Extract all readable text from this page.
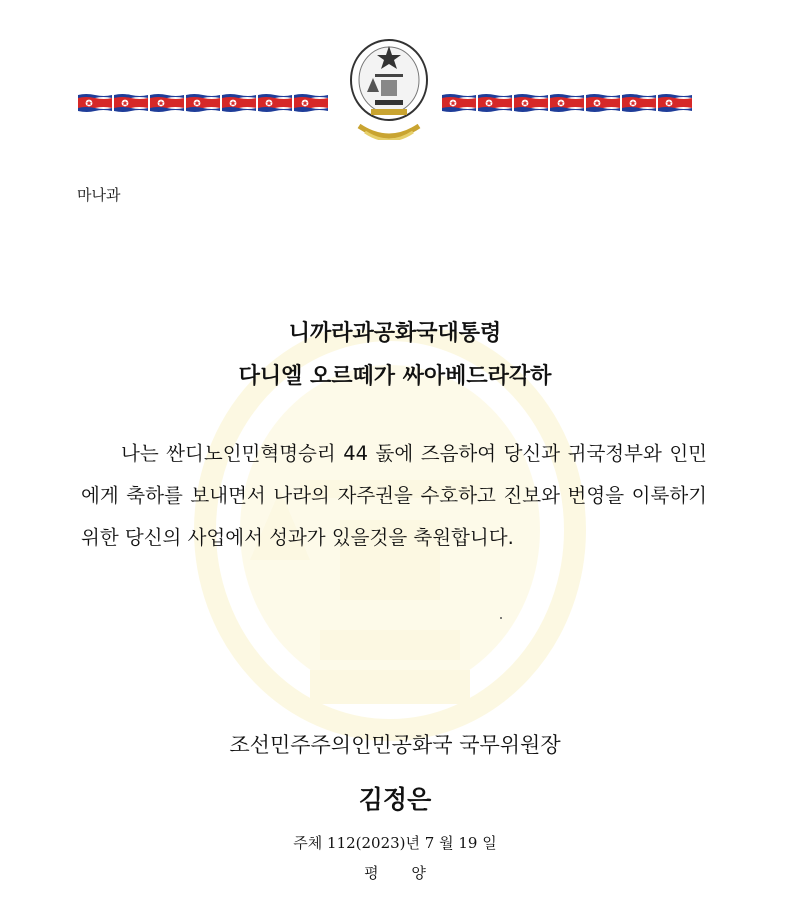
마나과
니까라과공화국대통령
다니엘 오르떼가 싸아베드라각하
나는 싼디노인민혁명승리 44 돐에 즈음하여 당신과 귀국정부와 인민에게 축하를 보내면서 나라의 자주권을 수호하고 진보와 번영을 이룩하기 위한 당신의 사업에서 성과가 있을것을 축원합니다.
조선민주주의인민공화국 국무위원장
김정은
주체 112(2023)년 7 월 19 일
평 양
